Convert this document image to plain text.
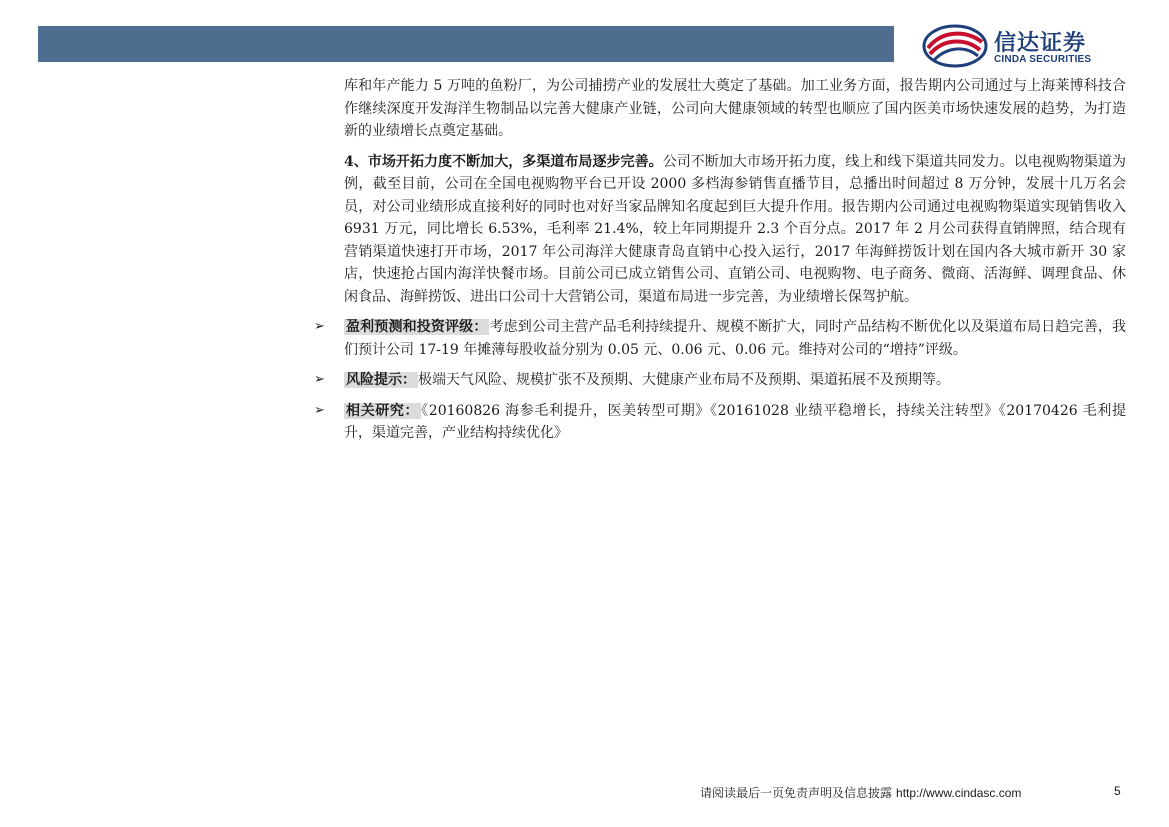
信达证券
CINDA SECURITIES

库和年产能力 5 万吨的鱼粉厂，为公司捕捞产业的发展壮大奠定了基础。加工业务方面，报告期内公司通过与上海莱博科技合作继续深度开发海洋生物制品以完善大健康产业链，公司向大健康领域的转型也顺应了国内医美市场快速发展的趋势，为打造新的业绩增长点奠定基础。

4、市场开拓力度不断加大，多渠道布局逐步完善。公司不断加大市场开拓力度，线上和线下渠道共同发力。以电视购物渠道为例，截至目前，公司在全国电视购物平台已开设 2000 多档海参销售直播节目，总播出时间超过 8 万分钟，发展十几万名会员，对公司业绩形成直接利好的同时也对好当家品牌知名度起到巨大提升作用。报告期内公司通过电视购物渠道实现销售收入 6931 万元，同比增长 6.53%，毛利率 21.4%，较上年同期提升 2.3 个百分点。2017 年 2 月公司获得直销牌照，结合现有营销渠道快速打开市场，2017 年公司海洋大健康青岛直销中心投入运行，2017 年海鲜捞饭计划在国内各大城市新开 30 家店，快速抢占国内海洋快餐市场。目前公司已成立销售公司、直销公司、电视购物、电子商务、微商、活海鲜、调理食品、休闲食品、海鲜捞饭、进出口公司十大营销公司，渠道布局进一步完善，为业绩增长保驾护航。

➢ 盈利预测和投资评级： 考虑到公司主营产品毛利持续提升、规模不断扩大，同时产品结构不断优化以及渠道布局日趋完善，我们预计公司 17-19 年摊薄每股收益分别为 0.05 元、0.06 元、0.06 元。维持对公司的“增持”评级。
➢ 风险提示： 极端天气风险、规模扩张不及预期、大健康产业布局不及预期、渠道拓展不及预期等。
➢ 相关研究： 《20160826 海参毛利提升，医美转型可期》《20161028 业绩平稳增长，持续关注转型》《20170426 毛利提升，渠道完善，产业结构持续优化》
请阅读最后一页免责声明及信息披露 http://www.cindasc.com	5
